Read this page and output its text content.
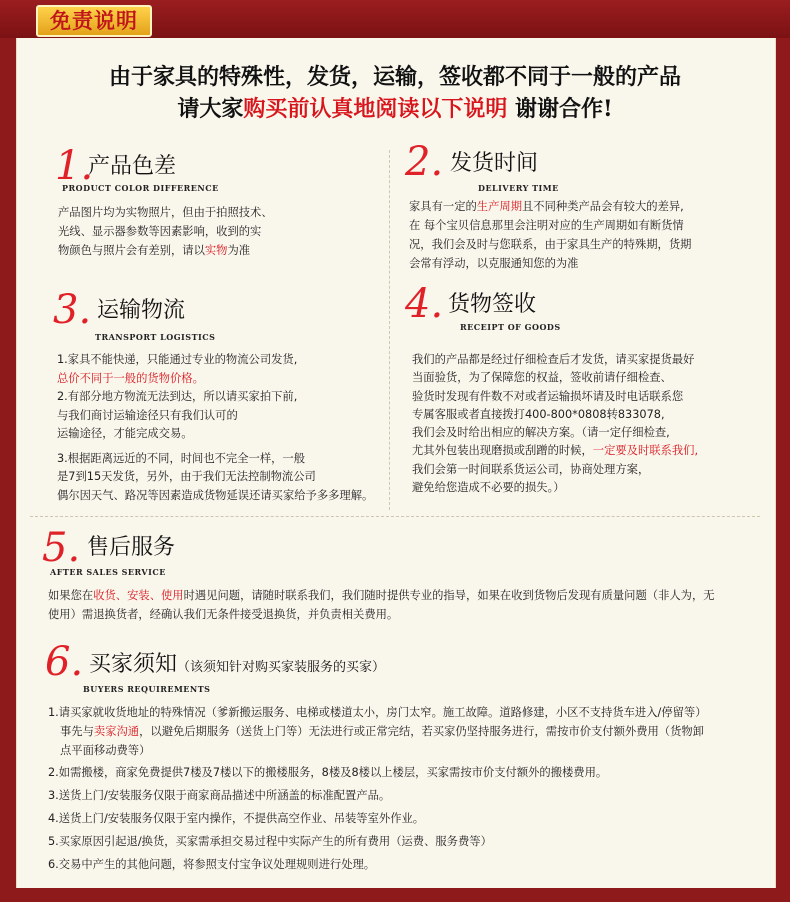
免责说明
由于家具的特殊性，发货，运输，签收都不同于一般的产品
请大家购买前认真地阅读以下说明 谢谢合作!
1.
产品色差
PRODUCT COLOR DIFFERENCE
产品图片均为实物照片，但由于拍照技术、
光线、显示器参数等因素影响，收到的实
物颜色与照片会有差别，请以实物为准
2. 发货时间
DELIVERY TIME
家具有一定的生产周期且不同种类产品会有较大的差异,
在 每个宝贝信息那里会注明对应的生产周期如有断货情
况，我们会及时与您联系，由于家具生产的特殊期，货期
会常有浮动，以克服通知您的为准
3. 运输物流
TRANSPORT LOGISTICS
1.家具不能快递，只能通过专业的物流公司发货,
总价不同于一般的货物价格。
2.有部分地方物流无法到达，所以请买家拍下前,
与我们商讨运输途径只有我们认可的
运输途径，才能完成交易。
3.根据距离远近的不同，时间也不完全一样，一般
是7到15天发货，另外，由于我们无法控制物流公司
偶尔因天气、路况等因素造成货物延误还请买家给予多多理解。
4. 货物签收
RECEIPT OF GOODS
我们的产品都是经过仔细检查后才发货，请买家提货最好
当面验货，为了保障您的权益，签收前请仔细检查、
验货时发现有件数不对或者运输损坏请及时电话联系您
专属客服或者直接拨打400-800*0808转833078,
我们会及时给出相应的解决方案。（请一定仔细检查,
尤其外包装出现磨损或刮蹭的时候，一定要及时联系我们,
我们会第一时间联系货运公司，协商处理方案，
避免给您造成不必要的损失。）
5. 售后服务
AFTER SALES SERVICE
如果您在收货、安装、使用时遇见问题，请随时联系我们，我们随时提供专业的指导，如果在收到货物后发现有质量问题（非人为，无
使用）需退换货者，经确认我们无条件接受退换货，并负责相关费用。
6. 买家须知（该须知针对购买家装服务的买家）
BUYERS REQUIREMENTS
1.请买家就收货地址的特殊情况（爹新搬运服务、电梯或楼道太小，房门太窄。施工故障。道路修建，小区不支持货车进入/停留等）
事先与卖家沟通，以避免后期服务（送货上门等）无法进行或正常完结，若买家仍坚持服务进行，需按市价支付额外费用（货物卸
点平面移动费等）
2.如需搬楼，商家免费提供7楼及7楼以下的搬楼服务，8楼及8楼以上楼层，买家需按市价支付额外的搬楼费用。
3.送货上门/安装服务仅限于商家商品描述中所涵盖的标准配置产品。
4.送货上门/安装服务仅限于室内操作，不提供高空作业、吊装等室外作业。
5.买家原因引起退/换货，买家需承担交易过程中实际产生的所有费用（运费、服务费等）
6.交易中产生的其他问题，将参照支付宝争议处理规则进行处理。
